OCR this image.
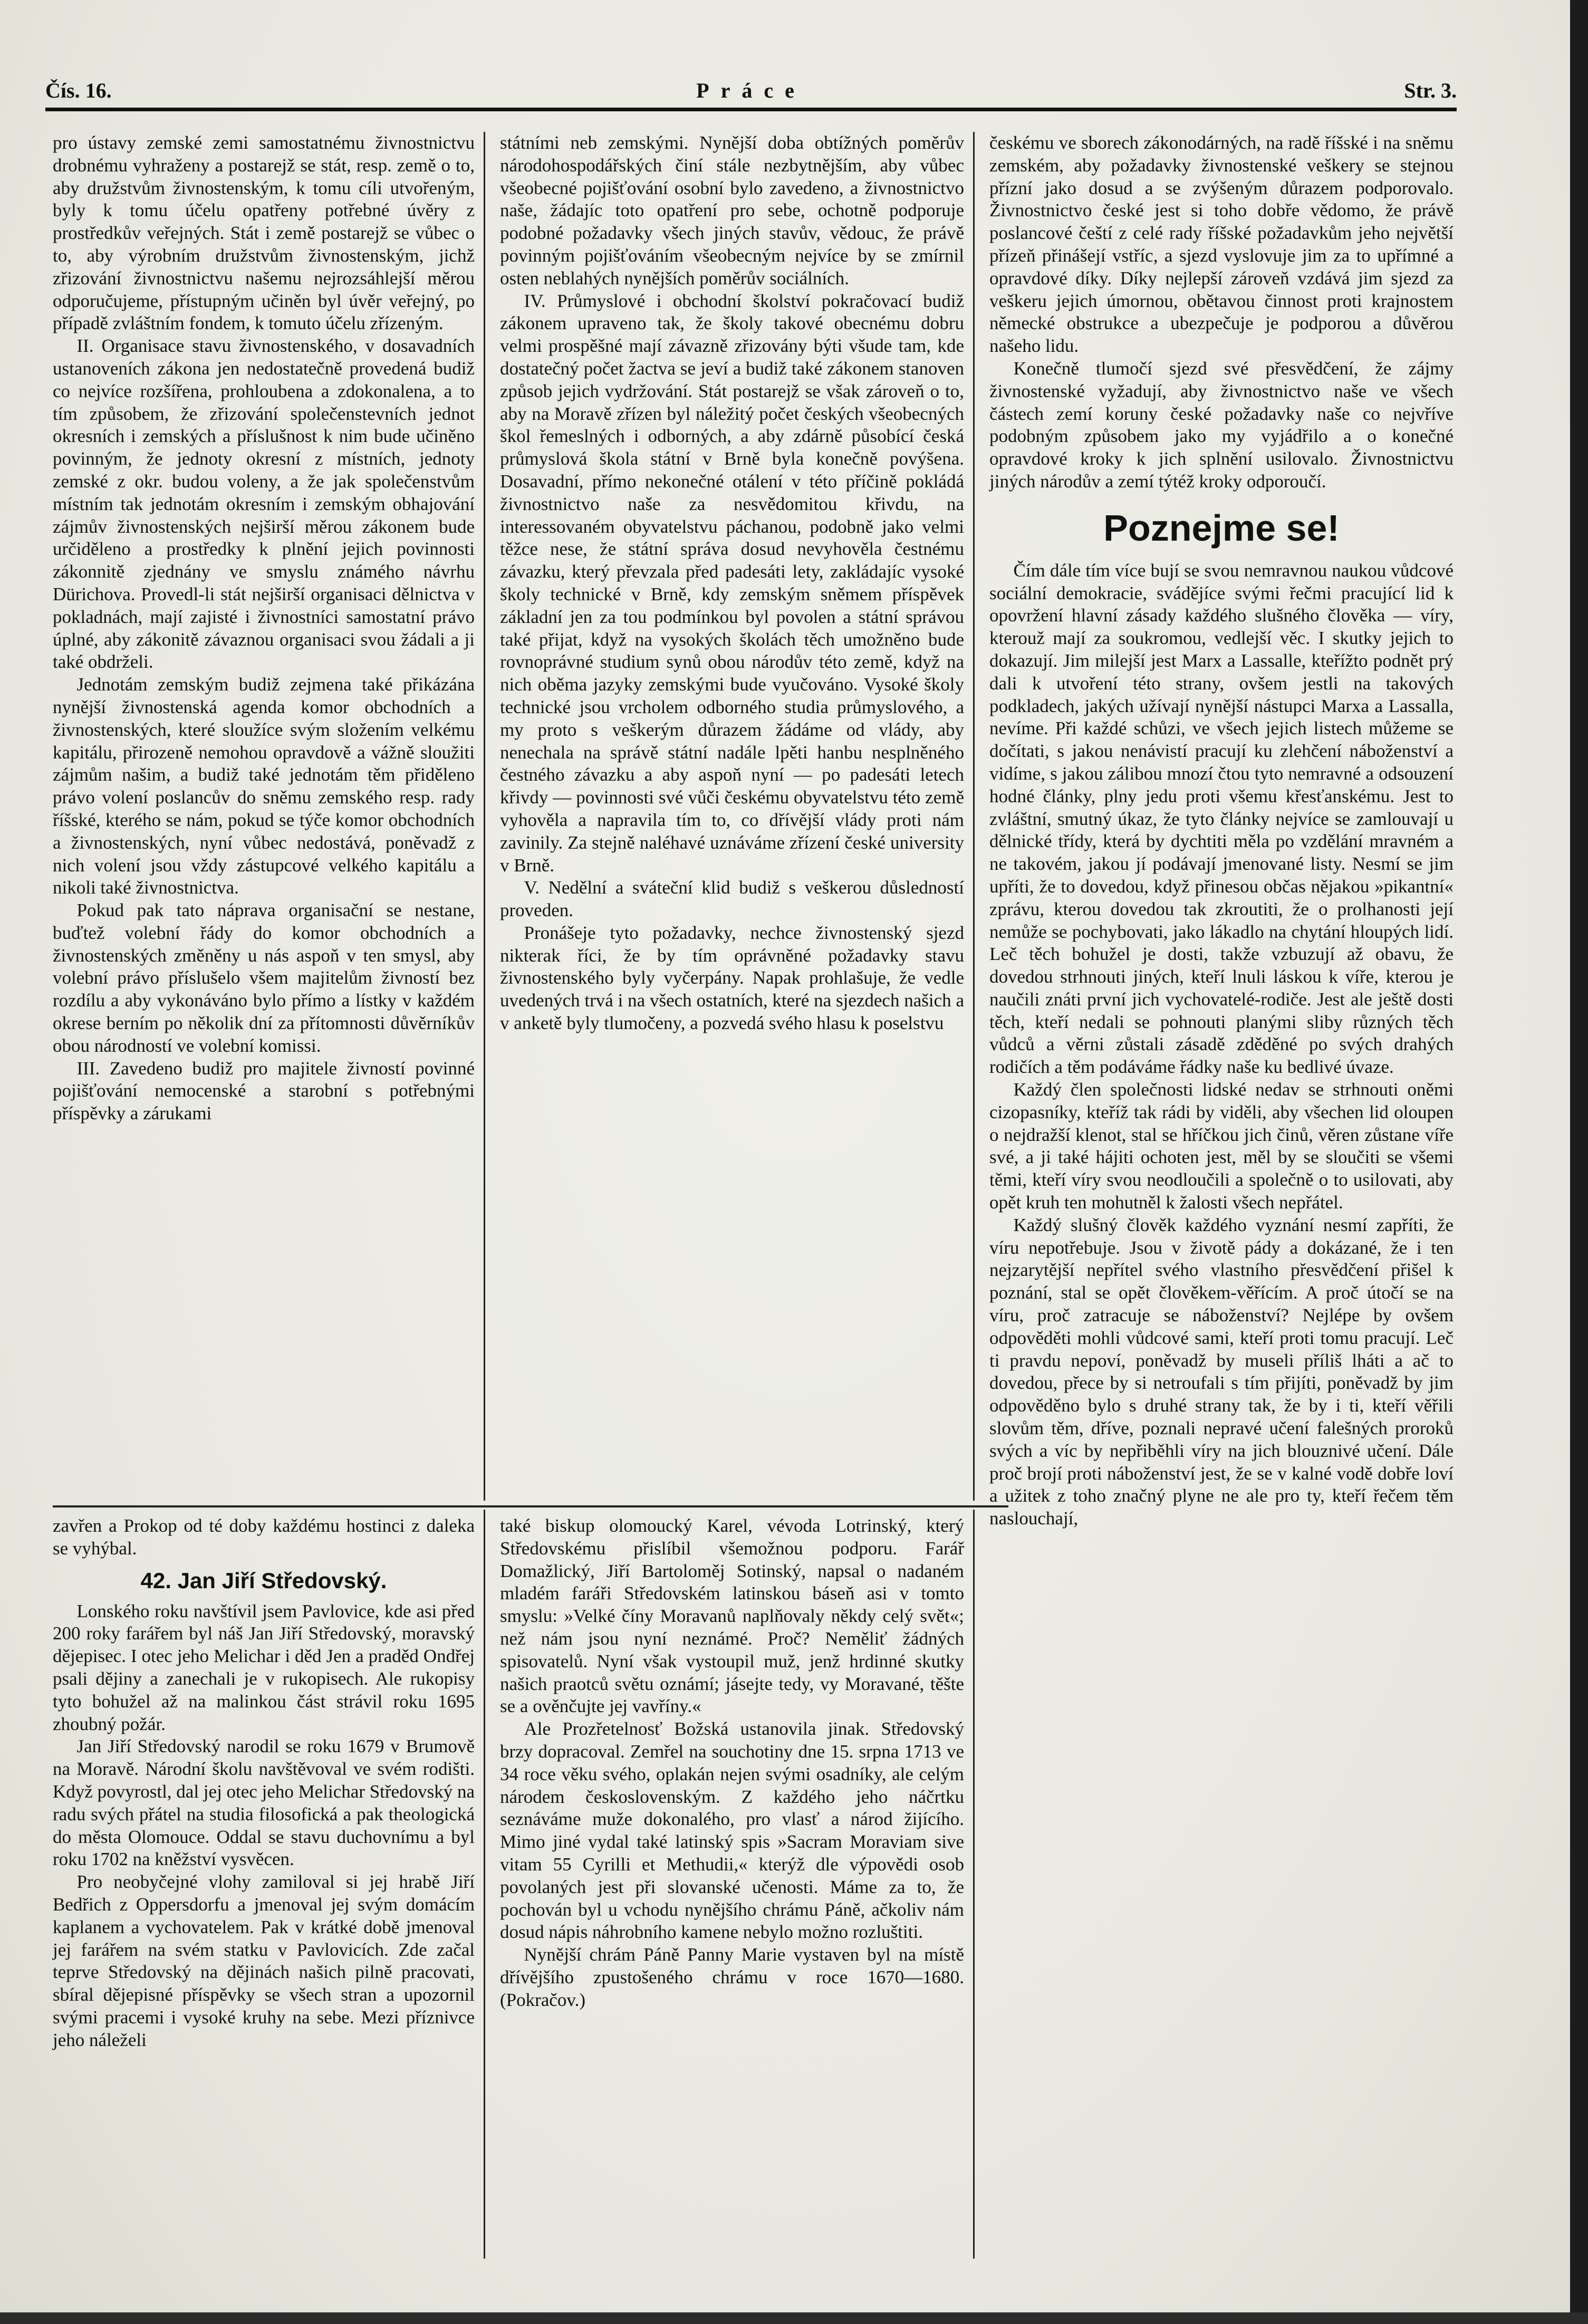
Čís. 16.	Práce	Str. 3.

pro ústavy zemské zemi samostatnému živnostnictvu drobnému vyhraženy a postarejž se stát, resp. země o to, aby družstvům živnostenským, k tomu cíli utvořeným, byly k tomu účelu opatřeny potřebné úvěry z prostředkův veřejných. Stát i země postarejž se vůbec o to, aby výrobním družstvům živnostenským, jichž zřizování živnostnictvu našemu nejrozsáhlejší měrou odporučujeme, přístupným učiněn byl úvěr veřejný, po případě zvláštním fondem, k tomuto účelu zřízeným.

II. Organisace stavu živnostenského, v dosavadních ustanoveních zákona jen nedostatečně provedená budiž co nejvíce rozšířena, prohloubena a zdokonalena, a to tím způsobem, že zřizování společenstevních jednot okresních i zemských a příslušnost k nim bude učiněno povinným, že jednoty okresní z místních, jednoty zemské z okr. budou voleny, a že jak společenstvům místním tak jednotám okresním i zemským obhajování zájmův živnostenských nejširší měrou zákonem bude určiděleno a prostředky k plnění jejich povinnosti zákonnitě zjednány ve smyslu známého návrhu Dürichova. Provedl-li stát nejširší organisaci dělnictva v pokladnách, mají zajisté i živnostníci samostatní právo úplné, aby zákonitě závaznou organisaci svou žádali a ji také obdrželi.

Jednotám zemským budiž zejmena také přikázána nynější živnostenská agenda komor obchodních a živnostenských, které sloužíce svým složením velkému kapitálu, přirozeně nemohou opravdově a vážně sloužiti zájmům našim, a budiž také jednotám těm přiděleno právo volení poslancův do sněmu zemského resp. rady říšské, kterého se nám, pokud se týče komor obchodních a živnostenských, nyní vůbec nedostává, poněvadž z nich volení jsou vždy zástupcové velkého kapitálu a nikoli také živnostnictva.

Pokud pak tato náprava organisační se nestane, buďtež volební řády do komor obchodních a živnostenských změněny u nás aspoň v ten smysl, aby volební právo příslušelo všem majitelům živností bez rozdílu a aby vykonáváno bylo přímo a lístky v každém okrese berním po několik dní za přítomnosti důvěrníkův obou národností ve volební komissi.

III. Zavedeno budiž pro majitele živností povinné pojišťování nemocenské a starobní s potřebnými příspěvky a zárukami

státními neb zemskými. Nynější doba obtížných poměrův národohospodářských činí stále nezbytnějším, aby vůbec všeobecné pojišťování osobní bylo zavedeno, a živnostnictvo naše, žádajíc toto opatření pro sebe, ochotně podporuje podobné požadavky všech jiných stavův, vědouc, že právě povinným pojišťováním všeobecným nejvíce by se zmírnil osten neblahých nynějších poměrův sociálních.

IV. Průmyslové i obchodní školství pokračovací budiž zákonem upraveno tak, že školy takové obecnému dobru velmi prospěšné mají závazně zřizovány býti všude tam, kde dostatečný počet žactva se jeví a budiž také zákonem stanoven způsob jejich vydržování. Stát postarejž se však zároveň o to, aby na Moravě zřízen byl náležitý počet českých všeobecných škol řemeslných i odborných, a aby zdárně působící česká průmyslová škola státní v Brně byla konečně povýšena. Dosavadní, přímo nekonečné otálení v této příčině pokládá živnostnictvo naše za nesvědomitou křivdu, na interessovaném obyvatelstvu páchanou, podobně jako velmi těžce nese, že státní správa dosud nevyhověla čestnému závazku, který převzala před padesáti lety, zakládajíc vysoké školy technické v Brně, kdy zemským sněmem příspěvek základní jen za tou podmínkou byl povolen a státní správou také přijat, když na vysokých školách těch umožněno bude rovnoprávné studium synů obou národův této země, když na nich oběma jazyky zemskými bude vyučováno. Vysoké školy technické jsou vrcholem odborného studia průmyslového, a my proto s veškerým důrazem žádáme od vlády, aby nenechala na správě státní nadále lpěti hanbu nesplněného čestného závazku a aby aspoň nyní — po padesáti letech křivdy — povinnosti své vůči českému obyvatelstvu této země vyhověla a napravila tím to, co dřívější vlády proti nám zavinily. Za stejně naléhavé uznáváme zřízení české university v Brně.

V. Nedělní a sváteční klid budiž s veškerou důsledností proveden.

Pronášeje tyto požadavky, nechce živnostenský sjezd nikterak říci, že by tím oprávněné požadavky stavu živnostenského byly vyčerpány. Napak prohlašuje, že vedle uvedených trvá i na všech ostatních, které na sjezdech našich a v anketě byly tlumočeny, a pozvedá svého hlasu k poselstvu

českému ve sborech zákonodárných, na radě říšské i na sněmu zemském, aby požadavky živnostenské veškery se stejnou přízní jako dosud a se zvýšeným důrazem podporovalo. Živnostnictvo české jest si toho dobře vědomo, že právě poslancové čeští z celé rady říšské požadavkům jeho největší přízeň přinášejí vstříc, a sjezd vyslovuje jim za to upřímné a opravdové díky. Díky nejlepší zároveň vzdává jim sjezd za veškeru jejich úmornou, obětavou činnost proti krajnostem německé obstrukce a ubezpečuje je podporou a důvěrou našeho lidu.

Konečně tlumočí sjezd své přesvědčení, že zájmy živnostenské vyžadují, aby živnostnictvo naše ve všech částech zemí koruny české požadavky naše co nejvříve podobným způsobem jako my vyjádřilo a o konečné opravdové kroky k jich splnění usilovalo. Živnostnictvu jiných národův a zemí týtéž kroky odporoučí.

Poznejme se!

Čím dále tím více bují se svou nemravnou naukou vůdcové sociální demokracie, svádějíce svými řečmi pracující lid k opovržení hlavní zásady každého slušného člověka — víry, kterouž mají za soukromou, vedlejší věc. I skutky jejich to dokazují. Jim milejší jest Marx a Lassalle, kteřížto podnět prý dali k utvoření této strany, ovšem jestli na takových podkladech, jakých užívají nynější nástupci Marxa a Lassalla, nevíme. Při každé schůzi, ve všech jejich listech můžeme se dočítati, s jakou nenávistí pracují ku zlehčení náboženství a vidíme, s jakou zálibou mnozí čtou tyto nemravné a odsouzení hodné články, plny jedu proti všemu křesťanskému. Jest to zvláštní, smutný úkaz, že tyto články nejvíce se zamlouvají u dělnické třídy, která by dychtiti měla po vzdělání mravném a ne takovém, jakou jí podávají jmenované listy. Nesmí se jim upříti, že to dovedou, když přinesou občas nějakou »pikantní« zprávu, kterou dovedou tak zkroutiti, že o prolhanosti její nemůže se pochybovati, jako lákadlo na chytání hloupých lidí. Leč těch bohužel je dosti, takže vzbuzují až obavu, že dovedou strhnouti jiných, kteří lnuli láskou k víře, kterou je naučili znáti první jich vychovatelé-rodiče. Jest ale ještě dosti těch, kteří nedali se pohnouti planými sliby různých těch vůdců a věrni zůstali zásadě zděděné po svých drahých rodičích a těm podáváme řádky naše ku bedlivé úvaze.

Každý člen společnosti lidské nedav se strhnouti oněmi cizopasníky, kteříž tak rádi by viděli, aby všechen lid oloupen o nejdražší klenot, stal se hříčkou jich činů, věren zůstane víře své, a ji také hájiti ochoten jest, měl by se sloučiti se všemi těmi, kteří víry svou neodloučili a společně o to usilovati, aby opět kruh ten mohutněl k žalosti všech nepřátel.

Každý slušný člověk každého vyznání nesmí zapříti, že víru nepotřebuje. Jsou v životě pády a dokázané, že i ten nejzarytější nepřítel svého vlastního přesvědčení přišel k poznání, stal se opět člověkem-věřícím. A proč útočí se na víru, proč zatracuje se náboženství? Nejlépe by ovšem odpověděti mohli vůdcové sami, kteří proti tomu pracují. Leč ti pravdu nepoví, poněvadž by museli příliš lháti a ač to dovedou, přece by si netroufali s tím přijíti, poněvadž by jim odpověděno bylo s druhé strany tak, že by i ti, kteří věřili slovům těm, dříve, poznali nepravé učení falešných proroků svých a víc by nepřiběhli víry na jich blouznivé učení. Dále proč brojí proti náboženství jest, že se v kalné vodě dobře loví a užitek z toho značný plyne ne ale pro ty, kteří řečem těm naslouchají,

zavřen a Prokop od té doby každému hostinci z daleka se vyhýbal.

42. Jan Jiří Středovský.

Lonského roku navštívil jsem Pavlovice, kde asi před 200 roky farářem byl náš Jan Jiří Středovský, moravský dějepisec. I otec jeho Melichar i děd Jen a praděd Ondřej psali dějiny a zanechali je v rukopisech. Ale rukopisy tyto bohužel až na malinkou část strávil roku 1695 zhoubný požár.

Jan Jiří Středovský narodil se roku 1679 v Brumově na Moravě. Národní školu navštěvoval ve svém rodišti. Když povyrostl, dal jej otec jeho Melichar Středovský na radu svých přátel na studia filosofická a pak theologická do města Olomouce. Oddal se stavu duchovnímu a byl roku 1702 na kněžství vysvěcen.

Pro neobyčejné vlohy zamiloval si jej hrabě Jiří Bedřich z Oppersdorfu a jmenoval jej svým domácím kaplanem a vychovatelem. Pak v krátké době jmenoval jej farářem na svém statku v Pavlovicích. Zde začal teprve Středovský na dějinách našich pilně pracovati, sbíral dějepisné příspěvky se všech stran a upozornil svými pracemi i vysoké kruhy na sebe. Mezi příznivce jeho náleželi

také biskup olomoucký Karel, vévoda Lotrinský, který Středovskému přislíbil všemožnou podporu. Farář Domažlický, Jiří Bartoloměj Sotinský, napsal o nadaném mladém faráři Středovském latinskou báseň asi v tomto smyslu: »Velké číny Moravanů naplňovaly někdy celý svět«; než nám jsou nyní neznámé. Proč? Neměliť žádných spisovatelů. Nyní však vystoupil muž, jenž hrdinné skutky našich praotců světu oznámí; jásejte tedy, vy Moravané, těšte se a ověnčujte jej vavříny.«

Ale Prozřetelnosť Božská ustanovila jinak. Středovský brzy dopracoval. Zemřel na souchotiny dne 15. srpna 1713 ve 34 roce věku svého, oplakán nejen svými osadníky, ale celým národem československým. Z každého jeho náčrtku seznáváme muže dokonalého, pro vlasť a národ žijícího. Mimo jiné vydal také latinský spis »Sacram Moraviam sive vitam 55 Cyrilli et Methudii,« kterýž dle výpovědi osob povolaných jest při slovanské učenosti. Máme za to, že pochován byl u vchodu nynějšího chrámu Páně, ačkoliv nám dosud nápis náhrobního kamene nebylo možno rozluštiti.

Nynější chrám Páně Panny Marie vystaven byl na místě dřívějšího zpustošeného chrámu v roce 1670—1680. (Pokračov.)
